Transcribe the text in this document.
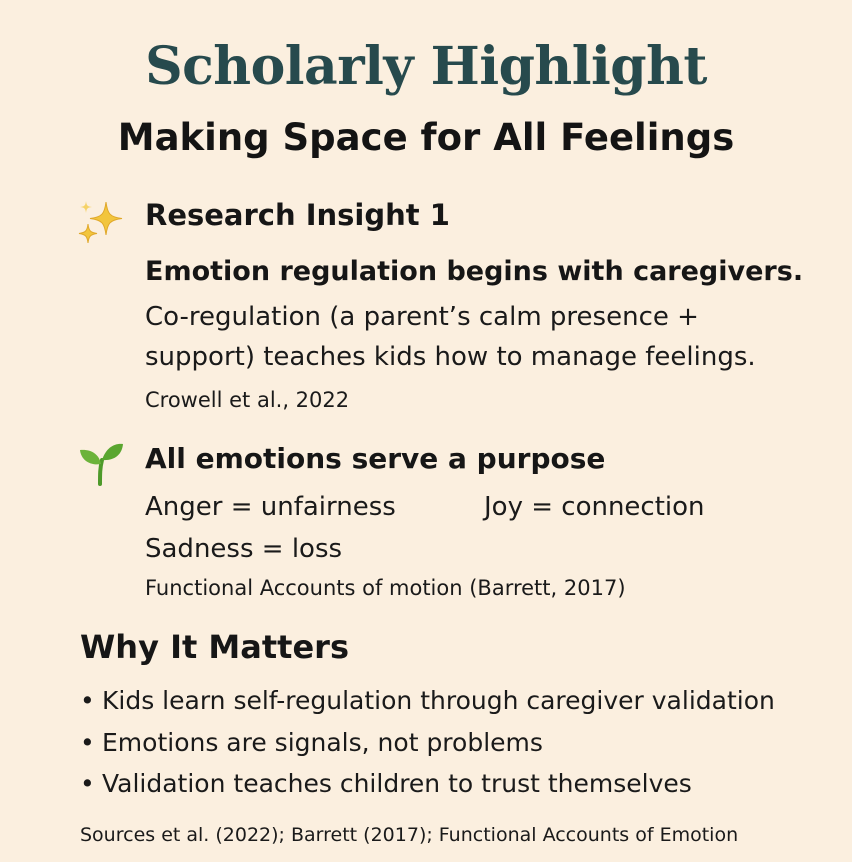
Scholarly Highlight
Making Space for All Feelings
Research Insight 1
Emotion regulation begins with caregivers.
Co-regulation (a parent’s calm presence +
support) teaches kids how to manage feelings.
Crowell et al., 2022
All emotions serve a purpose
Anger = unfairness	Joy = connection
Sadness = loss
Functional Accounts of motion (Barrett, 2017)
Why It Matters
• Kids learn self-regulation through caregiver validation
• Emotions are signals, not problems
• Validation teaches children to trust themselves
Sources et al. (2022); Barrett (2017); Functional Accounts of Emotion
